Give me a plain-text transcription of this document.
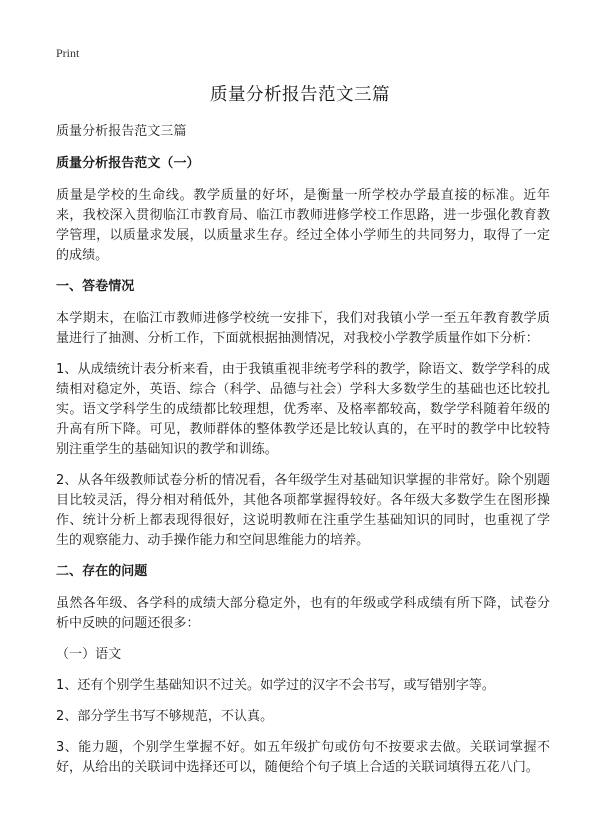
Print
质量分析报告范文三篇

质量分析报告范文三篇

质量分析报告范文（一）

质量是学校的生命线。教学质量的好坏，是衡量一所学校办学最直接的标准。近年来，我校深入贯彻临江市教育局、临江市教师进修学校工作思路，进一步强化教育教学管理，以质量求发展，以质量求生存。经过全体小学师生的共同努力，取得了一定的成绩。

一、答卷情况

本学期末，在临江市教师进修学校统一安排下，我们对我镇小学一至五年教育教学质量进行了抽测、分析工作，下面就根据抽测情况，对我校小学教学质量作如下分析：

1、从成绩统计表分析来看，由于我镇重视非统考学科的教学，除语文、数学学科的成绩相对稳定外，英语、综合（科学、品德与社会）学科大多数学生的基础也还比较扎实。语文学科学生的成绩都比较理想，优秀率、及格率都较高，数学学科随着年级的升高有所下降。可见，教师群体的整体教学还是比较认真的，在平时的教学中比较特别注重学生的基础知识的教学和训练。

2、从各年级教师试卷分析的情况看，各年级学生对基础知识掌握的非常好。除个别题目比较灵活，得分相对稍低外，其他各项都掌握得较好。各年级大多数学生在图形操作、统计分析上都表现得很好，这说明教师在注重学生基础知识的同时，也重视了学生的观察能力、动手操作能力和空间思维能力的培养。

二、存在的问题

虽然各年级、各学科的成绩大部分稳定外，也有的年级或学科成绩有所下降，试卷分析中反映的问题还很多：

（一）语文

1、还有个别学生基础知识不过关。如学过的汉字不会书写，或写错别字等。

2、部分学生书写不够规范，不认真。

3、能力题，个别学生掌握不好。如五年级扩句或仿句不按要求去做。关联词掌握不好，从给出的关联词中选择还可以，随便给个句子填上合适的关联词填得五花八门。
